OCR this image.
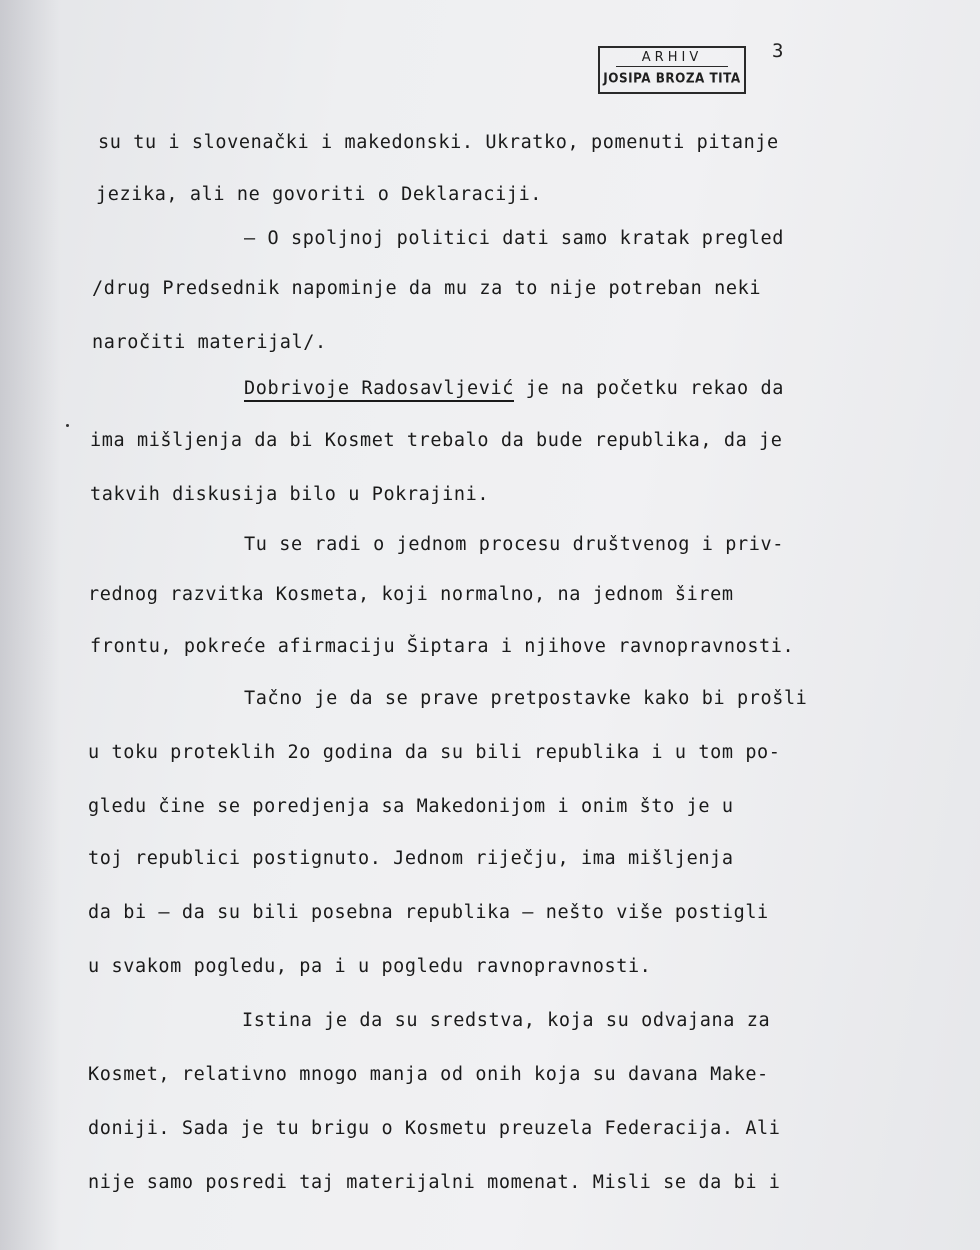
ARHIV
JOSIPA BROZA TITA
3
su tu i slovenački i makedonski. Ukratko, pomenuti pitanje
jezika, ali ne govoriti o Deklaraciji.
– O spoljnoj politici dati samo kratak pregled
/drug Predsednik napominje da mu za to nije potreban neki
naročiti materijal/.
Dobrivoje Radosavljević je na početku rekao da
ima mišljenja da bi Kosmet trebalo da bude republika, da je
takvih diskusija bilo u Pokrajini.
Tu se radi o jednom procesu društvenog i priv-
rednog razvitka Kosmeta, koji normalno, na jednom širem
frontu, pokreće afirmaciju Šiptara i njihove ravnopravnosti.
Tačno je da se prave pretpostavke kako bi prošli
u toku proteklih 2o godina da su bili republika i u tom po-
gledu čine se poredjenja sa Makedonijom i onim što je u
toj republici postignuto. Jednom riječju, ima mišljenja
da bi – da su bili posebna republika – nešto više postigli
u svakom pogledu, pa i u pogledu ravnopravnosti.
Istina je da su sredstva, koja su odvajana za
Kosmet, relativno mnogo manja od onih koja su davana Make-
doniji. Sada je tu brigu o Kosmetu preuzela Federacija. Ali
nije samo posredi taj materijalni momenat. Misli se da bi i
